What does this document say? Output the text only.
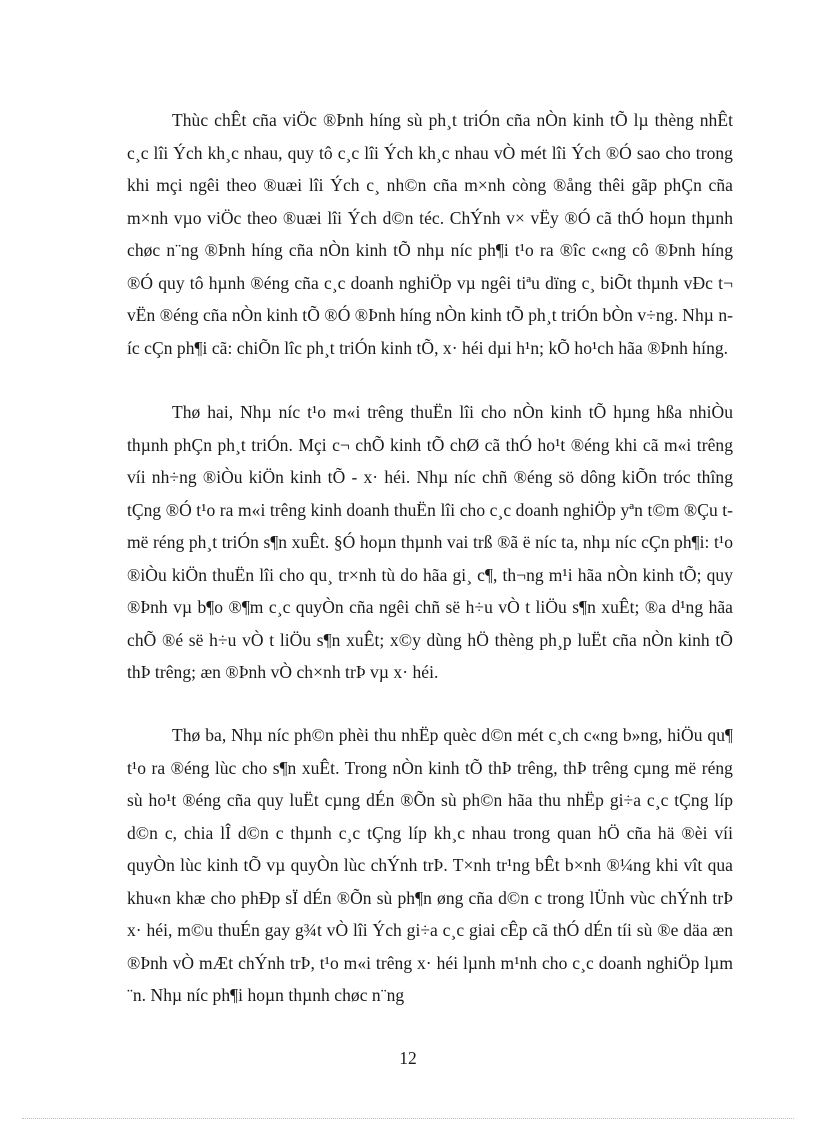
Thùc chÊt cña viÖc ®Þnh híng sù ph¸t triÓn cña nÒn kinh tÕ lµ thèng nhÊt c¸c lîi Ých kh¸c nhau, quy tô c¸c lîi Ých kh¸c nhau vÒ mét lîi Ých ®Ó sao cho trong khi mçi ngêi theo ®uæi lîi Ých c¸ nh©n cña m×nh còng ®ång thêi gãp phÇn cña m×nh vµo viÖc theo ®uæi lîi Ých d©n téc. ChÝnh v× vËy ®Ó cã thÓ hoµn thµnh chøc n¨ng ®Þnh híng cña nÒn kinh tÕ nhµ níc ph¶i t¹o ra ®îc c«ng cô ®Þnh híng ®Ó quy tô hµnh ®éng cña c¸c doanh nghiÖp vµ ngêi tiªu dïng c¸ biÕt thµnh vÐc t¬ vËn ®éng cña nÒn kinh tÕ ®Ó ®Þnh híng nÒn kinh tÕ ph¸t triÓn bÒn v÷ng. Nhµ níc cÇn ph¶i cã: chiÕn lîc ph¸t triÓn kinh tÕ, x· héi dµi h¹n; kÕ ho¹ch hãa ®Þnh híng.

Thø hai, Nhµ níc t¹o m«i trêng thuËn lîi cho nÒn kinh tÕ hµng hßa nhiÒu thµnh phÇn ph¸t triÓn. Mçi c¬ chÕ kinh tÕ chØ cã thÓ ho¹t ®éng khi cã m«i trêng víi nh÷ng ®iÒu kiÖn kinh tÕ - x· héi. Nhµ níc chñ ®éng sö dông kiÕn tróc thîng tÇng ®Ó t¹o ra m«i trêng kinh doanh thuËn lîi cho c¸c doanh nghiÖp yªn t©m ®Çu t më réng ph¸t triÓn s¶n xuÊt. §Ó hoµn thµnh vai trß ®ã ë níc ta, nhµ níc cÇn ph¶i: t¹o ®iÒu kiÖn thuËn lîi cho qu¸ tr×nh tù do hãa gi¸ c¶, th¬ng m¹i hãa nÒn kinh tÕ; quy ®Þnh vµ b¶o ®¶m c¸c quyÒn cña ngêi chñ së h÷u vÒ t liÖu s¶n xuÊt; ®a d¹ng hãa chÕ ®é së h÷u vÒ t liÖu s¶n xuÊt; x©y dùng hÖ thèng ph¸p luËt cña nÒn kinh tÕ thÞ trêng; æn ®Þnh vÒ ch×nh trÞ vµ x· héi.

Thø ba, Nhµ níc ph©n phèi thu nhËp quèc d©n mét c¸ch c«ng b»ng, hiÖu qu¶ t¹o ra ®éng lùc cho s¶n xuÊt. Trong nÒn kinh tÕ thÞ trêng, thÞ trêng cµng më réng sù ho¹t ®éng cña quy luËt cµng dÉn ®Õn sù ph©n hãa thu nhËp gi÷a c¸c tÇng líp d©n c, chia lÎ d©n c thµnh c¸c tÇng líp kh¸c nhau trong quan hÖ cña hä ®èi víi quyÒn lùc kinh tÕ vµ quyÒn lùc chÝnh trÞ. T×nh tr¹ng bÊt b×nh ®¼ng khi vît qua khu«n khæ cho phÐp sÏ dÉn ®Õn sù ph¶n øng cña d©n c trong lÜnh vùc chÝnh trÞ x· héi, m©u thuÉn gay g¾t vÒ lîi Ých gi÷a c¸c giai cÊp cã thÓ dÉn tíi sù ®e däa æn ®Þnh vÒ mÆt chÝnh trÞ, t¹o m«i trêng x· héi lµnh m¹nh cho c¸c doanh nghiÖp lµm ¨n. Nhµ níc ph¶i hoµn thµnh chøc n¨ng

12
